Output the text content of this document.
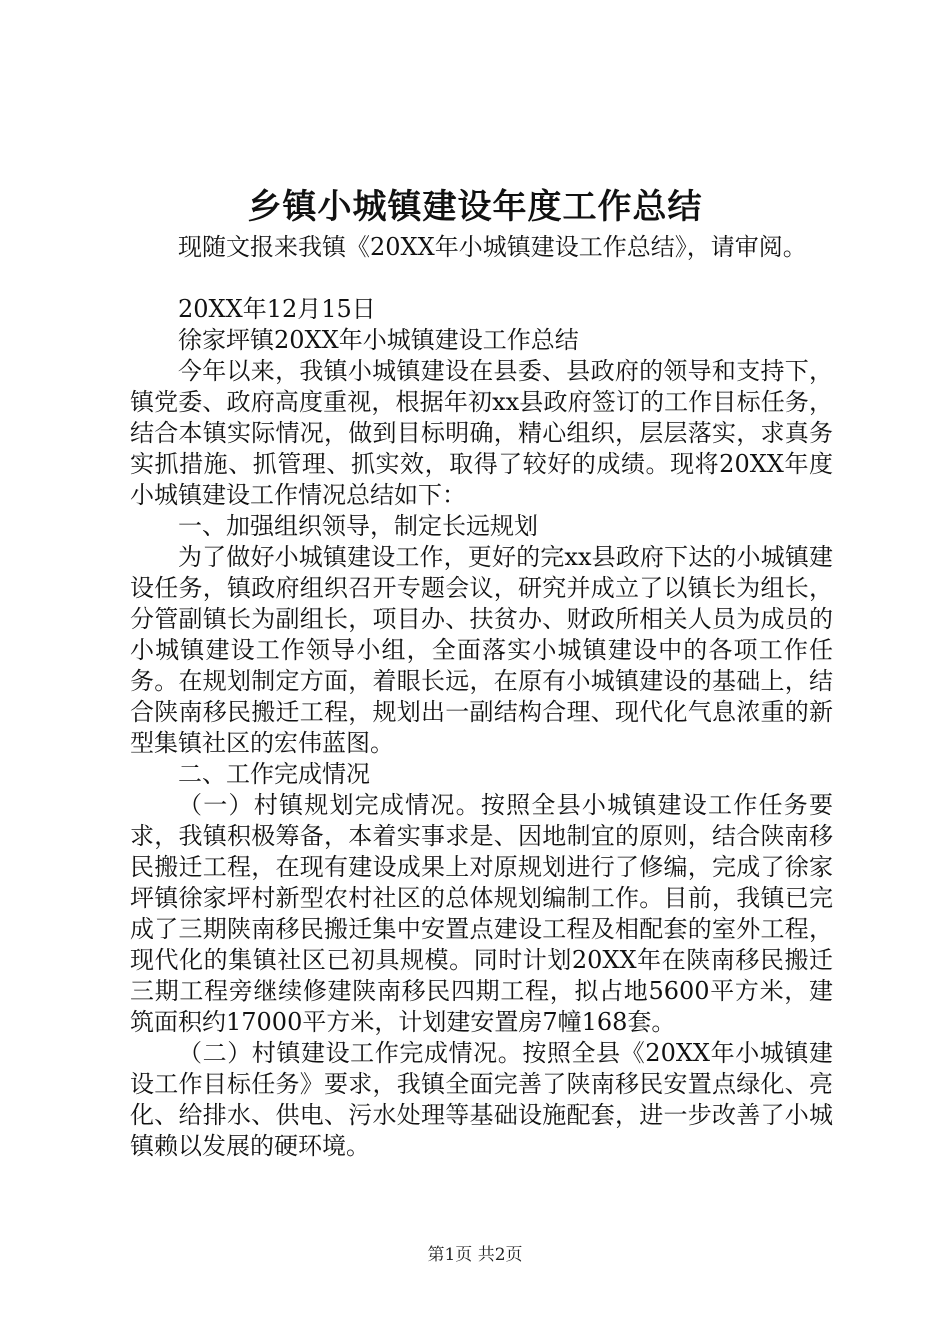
乡镇小城镇建设年度工作总结

现随文报来我镇《20XX年小城镇建设工作总结》，请审阅。

20XX年12月15日

徐家坪镇20XX年小城镇建设工作总结

今年以来，我镇小城镇建设在县委、县政府的领导和支持下，镇党委、政府高度重视，根据年初xx县政府签订的工作目标任务，结合本镇实际情况，做到目标明确，精心组织，层层落实，求真务实抓措施、抓管理、抓实效，取得了较好的成绩。现将20XX年度小城镇建设工作情况总结如下：

一、加强组织领导，制定长远规划

为了做好小城镇建设工作，更好的完xx县政府下达的小城镇建设任务，镇政府组织召开专题会议，研究并成立了以镇长为组长，分管副镇长为副组长，项目办、扶贫办、财政所相关人员为成员的小城镇建设工作领导小组，全面落实小城镇建设中的各项工作任务。在规划制定方面，着眼长远，在原有小城镇建设的基础上，结合陕南移民搬迁工程，规划出一副结构合理、现代化气息浓重的新型集镇社区的宏伟蓝图。

二、工作完成情况

（一）村镇规划完成情况。按照全县小城镇建设工作任务要求，我镇积极筹备，本着实事求是、因地制宜的原则，结合陕南移民搬迁工程，在现有建设成果上对原规划进行了修编，完成了徐家坪镇徐家坪村新型农村社区的总体规划编制工作。目前，我镇已完成了三期陕南移民搬迁集中安置点建设工程及相配套的室外工程，现代化的集镇社区已初具规模。同时计划20XX年在陕南移民搬迁三期工程旁继续修建陕南移民四期工程，拟占地5600平方米，建筑面积约17000平方米，计划建安置房7幢168套。

（二）村镇建设工作完成情况。按照全县《20XX年小城镇建设工作目标任务》要求，我镇全面完善了陕南移民安置点绿化、亮化、给排水、供电、污水处理等基础设施配套，进一步改善了小城镇赖以发展的硬环境。

第1页 共2页
